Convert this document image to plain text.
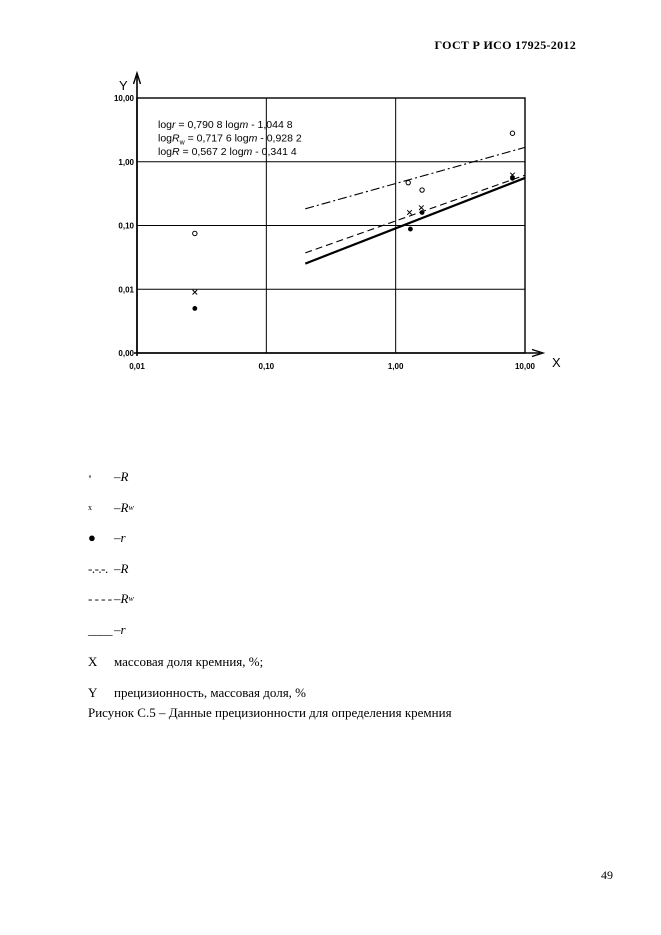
ГОСТ Р ИСО 17925-2012
0,01	0,10	1,00	10,00
0,00
0,01
0,10
1,00
10,00
logr = 0,790 8 logm - 1,044 8
logR$_w$ = 0,717 6 logm - 0,928 2
logR = 0,567 2 logm - 0,341 4
X
Y
∘	– R
x	– R w
●	– r
-.-.-. – R
- - - - – R w
____ – r
X	массовая доля кремния, %;
Y	прецизионность, массовая доля, %
Рисунок С.5 – Данные прецизионности для определения кремния
49
